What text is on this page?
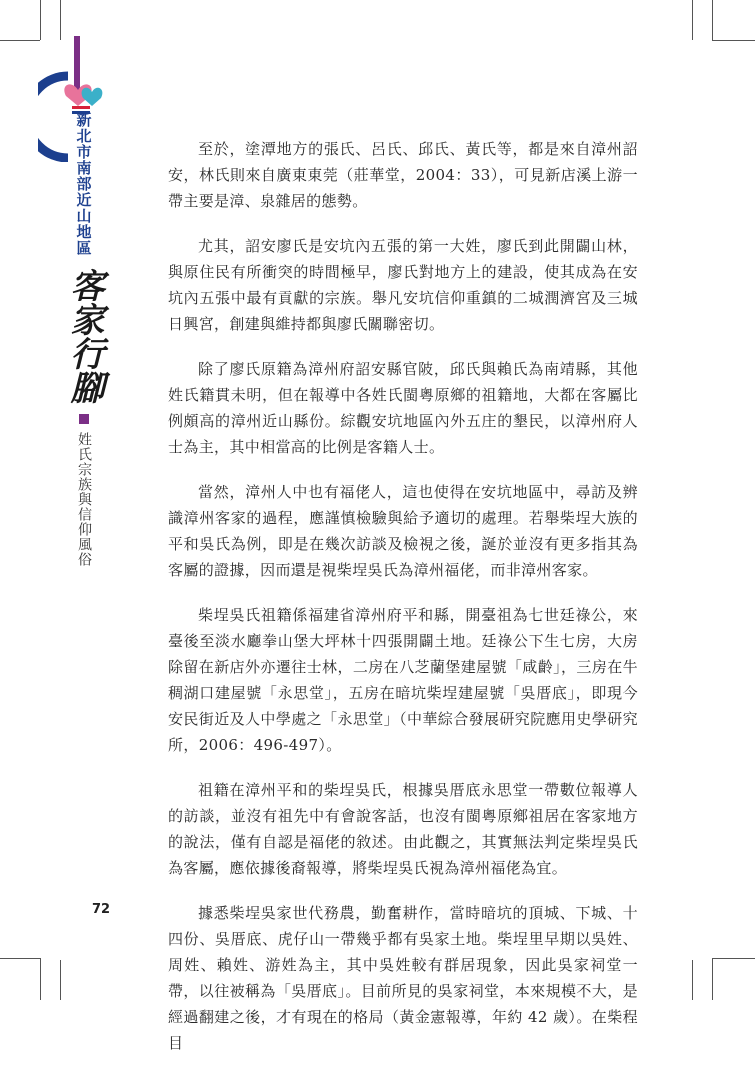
新北市南部近山地區
客家行腳
姓氏宗族與信仰風俗

至於，塗潭地方的張氏、呂氏、邱氏、黃氏等，都是來自漳州詔安，林氏則來自廣東東莞（莊華堂，2004：33），可見新店溪上游一帶主要是漳、泉雜居的態勢。

尤其，詔安廖氏是安坑內五張的第一大姓，廖氏到此開闢山林，與原住民有所衝突的時間極早，廖氏對地方上的建設，使其成為在安坑內五張中最有貢獻的宗族。舉凡安坑信仰重鎮的二城潤濟宮及三城日興宮，創建與維持都與廖氏關聯密切。

除了廖氏原籍為漳州府詔安縣官陂，邱氏與賴氏為南靖縣，其他姓氏籍貫未明，但在報導中各姓氏閩粵原鄉的祖籍地，大都在客屬比例頗高的漳州近山縣份。綜觀安坑地區內外五庄的墾民，以漳州府人士為主，其中相當高的比例是客籍人士。

當然，漳州人中也有福佬人，這也使得在安坑地區中，尋訪及辨識漳州客家的過程，應謹慎檢驗與給予適切的處理。若舉柴埕大族的平和吳氏為例，即是在幾次訪談及檢視之後，誕於並沒有更多指其為客屬的證據，因而還是視柴埕吳氏為漳州福佬，而非漳州客家。

柴埕吳氏祖籍係福建省漳州府平和縣，開臺祖為七世廷祿公，來臺後至淡水廳拳山堡大坪林十四張開闢土地。廷祿公下生七房，大房除留在新店外亦遷往士林，二房在八芝蘭堡建屋號「咸齡」，三房在牛稠湖口建屋號「永思堂」，五房在暗坑柴埕建屋號「吳厝底」，即現今安民街近及人中學處之「永思堂」（中華綜合發展研究院應用史學研究所，2006：496-497）。

祖籍在漳州平和的柴埕吳氏，根據吳厝底永思堂一帶數位報導人的訪談，並沒有祖先中有會說客話，也沒有閩粵原鄉祖居在客家地方的說法，僅有自認是福佬的敘述。由此觀之，其實無法判定柴埕吳氏為客屬，應依據後裔報導，將柴埕吳氏視為漳州福佬為宜。

據悉柴埕吳家世代務農，勤奮耕作，當時暗坑的頂城、下城、十四份、吳厝底、虎仔山一帶幾乎都有吳家土地。柴埕里早期以吳姓、周姓、賴姓、游姓為主，其中吳姓較有群居現象，因此吳家祠堂一帶，以往被稱為「吳厝底」。目前所見的吳家祠堂，本來規模不大，是經過翻建之後，才有現在的格局（黃金憲報導，年約 42 歲）。在柴程目

72
